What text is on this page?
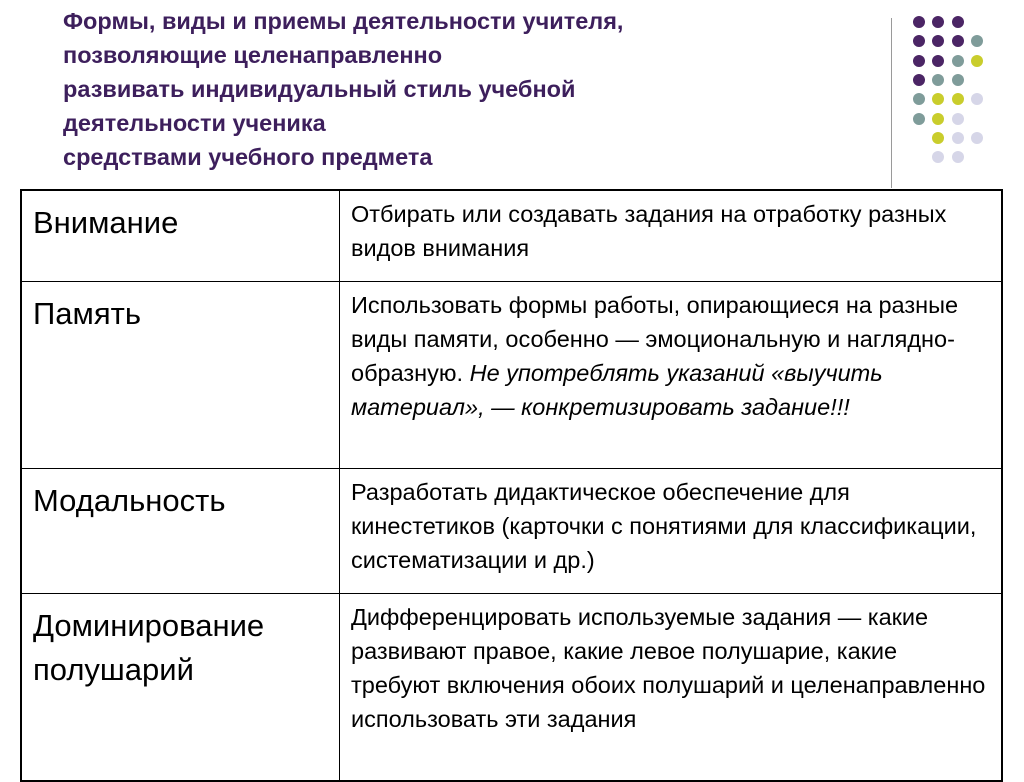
Формы, виды и приемы деятельности учителя,
позволяющие целенаправленно
развивать индивидуальный стиль учебной
деятельности ученика
средствами учебного предмета
Внимание	Отбирать или создавать задания на отработку разных видов внимания
Память	Использовать формы работы, опирающиеся на разные виды памяти, особенно — эмоциональную и наглядно-образную. Не употреблять указаний «выучить материал», — конкретизировать задание!!!
Модальность	Разработать дидактическое обеспечение для кинестетиков (карточки с понятиями для классификации, систематизации и др.)
Доминирование полушарий	Дифференцировать используемые задания — какие развивают правое, какие левое полушарие, какие требуют включения обоих полушарий и целенаправленно использовать эти задания
